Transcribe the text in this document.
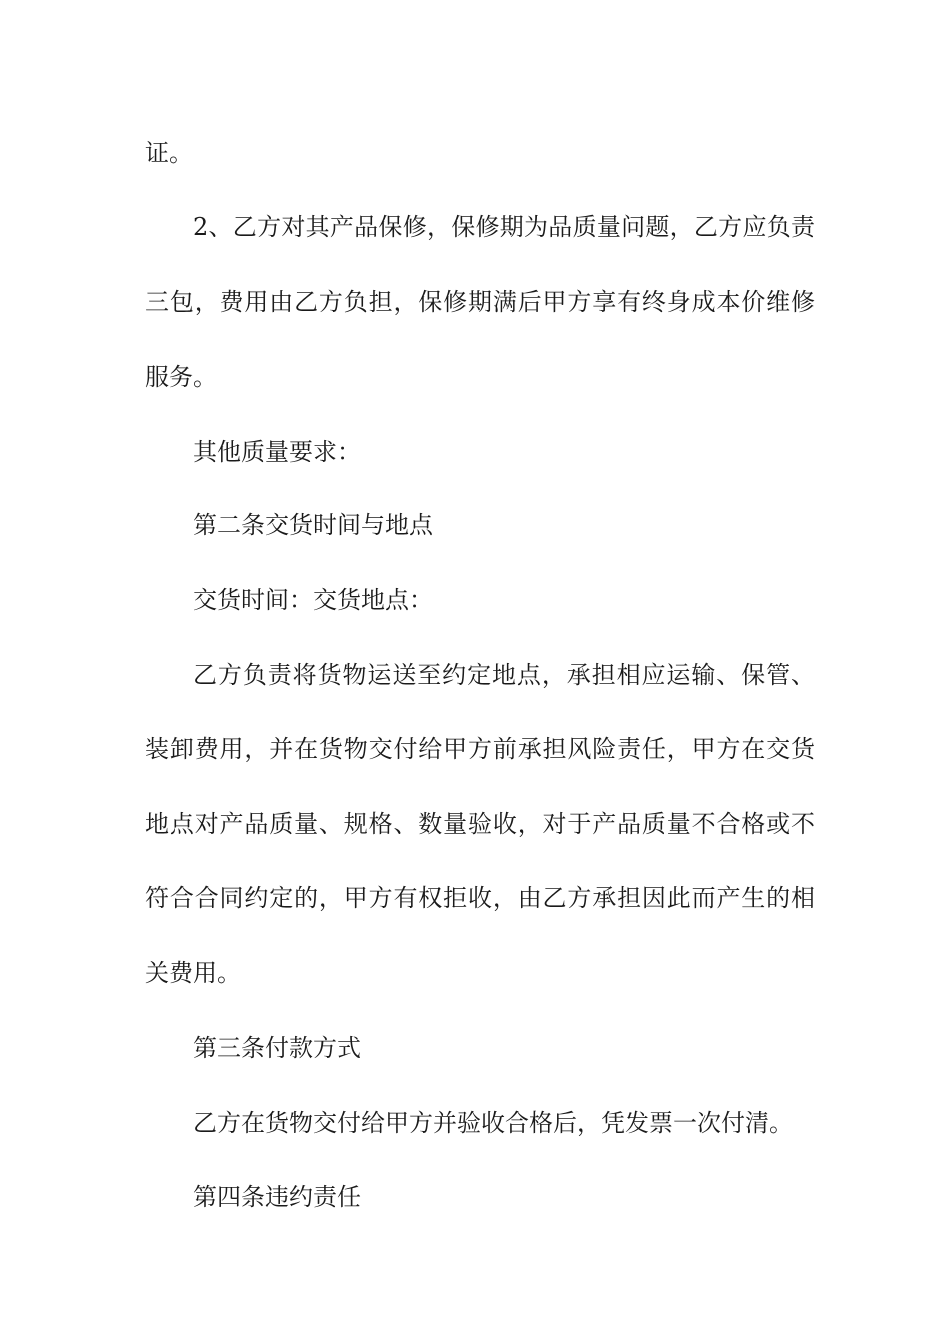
证。
2、乙方对其产品保修，保修期为品质量问题，乙方应负责
三包，费用由乙方负担，保修期满后甲方享有终身成本价维修
服务。
其他质量要求：
第二条交货时间与地点
交货时间：交货地点：
乙方负责将货物运送至约定地点，承担相应运输、保管、
装卸费用，并在货物交付给甲方前承担风险责任，甲方在交货
地点对产品质量、规格、数量验收，对于产品质量不合格或不
符合合同约定的，甲方有权拒收，由乙方承担因此而产生的相
关费用。
第三条付款方式
乙方在货物交付给甲方并验收合格后，凭发票一次付清。
第四条违约责任
